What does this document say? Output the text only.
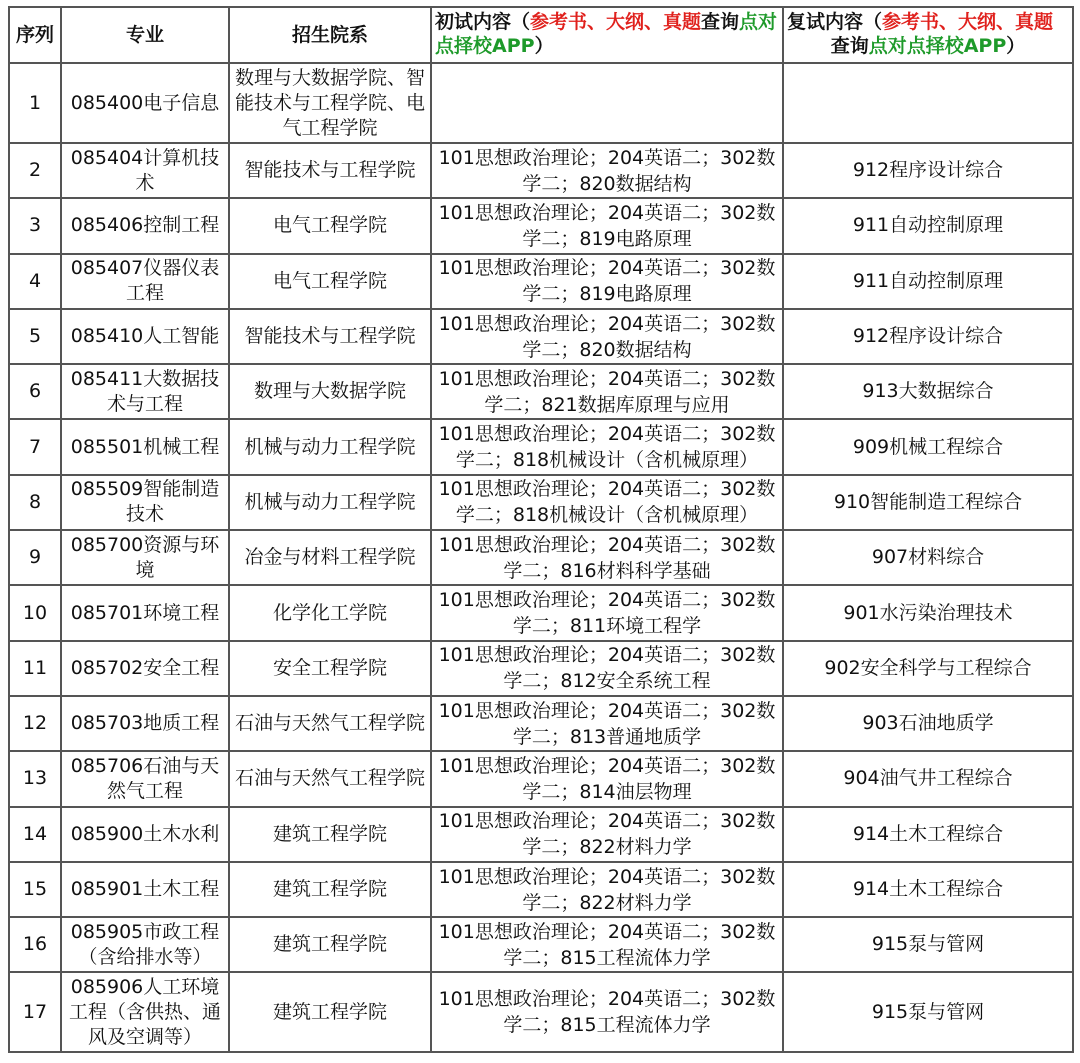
序列	专业	招生院系	初试内容（参考书、大纲、真题查询点对点择校APP）	复试内容（参考书、大纲、真题
查询点对点择校APP）

1	085400电子信息	数理与大数据学院、智能技术与工程学院、电气工程学院		
2	085404计算机技术	智能技术与工程学院	101思想政治理论；204英语二；302数学二；820数据结构	912程序设计综合
3	085406控制工程	电气工程学院	101思想政治理论；204英语二；302数学二；819电路原理	911自动控制原理
4	085407仪器仪表工程	电气工程学院	101思想政治理论；204英语二；302数学二；819电路原理	911自动控制原理
5	085410人工智能	智能技术与工程学院	101思想政治理论；204英语二；302数学二；820数据结构	912程序设计综合
6	085411大数据技术与工程	数理与大数据学院	101思想政治理论；204英语二；302数学二；821数据库原理与应用	913大数据综合
7	085501机械工程	机械与动力工程学院	101思想政治理论；204英语二；302数学二；818机械设计（含机械原理）	909机械工程综合
8	085509智能制造技术	机械与动力工程学院	101思想政治理论；204英语二；302数学二；818机械设计（含机械原理）	910智能制造工程综合
9	085700资源与环境	冶金与材料工程学院	101思想政治理论；204英语二；302数学二；816材料科学基础	907材料综合
10	085701环境工程	化学化工学院	101思想政治理论；204英语二；302数学二；811环境工程学	901水污染治理技术
11	085702安全工程	安全工程学院	101思想政治理论；204英语二；302数学二；812安全系统工程	902安全科学与工程综合
12	085703地质工程	石油与天然气工程学院	101思想政治理论；204英语二；302数学二；813普通地质学	903石油地质学
13	085706石油与天然气工程	石油与天然气工程学院	101思想政治理论；204英语二；302数学二；814油层物理	904油气井工程综合
14	085900土木水利	建筑工程学院	101思想政治理论；204英语二；302数学二；822材料力学	914土木工程综合
15	085901土木工程	建筑工程学院	101思想政治理论；204英语二；302数学二；822材料力学	914土木工程综合
16	085905市政工程（含给排水等）	建筑工程学院	101思想政治理论；204英语二；302数学二；815工程流体力学	915泵与管网
17	085906人工环境工程（含供热、通风及空调等）	建筑工程学院	101思想政治理论；204英语二；302数学二；815工程流体力学	915泵与管网
